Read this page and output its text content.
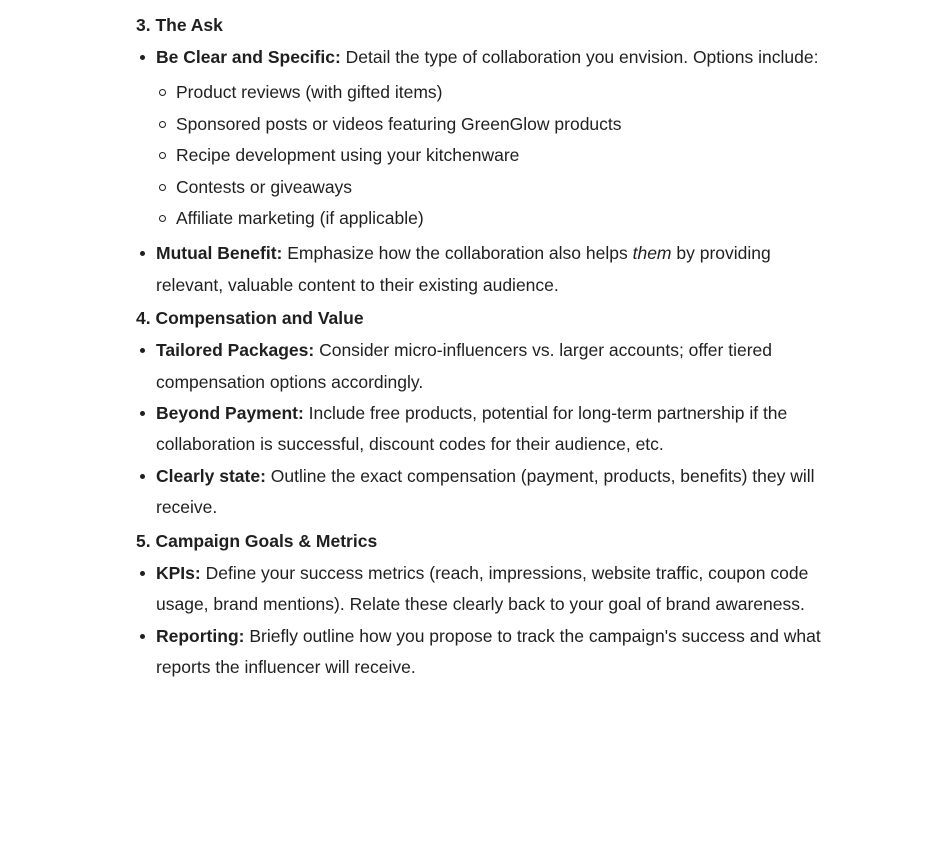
3. The Ask
Be Clear and Specific: Detail the type of collaboration you envision. Options include:
Product reviews (with gifted items)
Sponsored posts or videos featuring GreenGlow products
Recipe development using your kitchenware
Contests or giveaways
Affiliate marketing (if applicable)
Mutual Benefit: Emphasize how the collaboration also helps them by providing relevant, valuable content to their existing audience.
4. Compensation and Value
Tailored Packages: Consider micro-influencers vs. larger accounts; offer tiered compensation options accordingly.
Beyond Payment: Include free products, potential for long-term partnership if the collaboration is successful, discount codes for their audience, etc.
Clearly state: Outline the exact compensation (payment, products, benefits) they will receive.
5. Campaign Goals & Metrics
KPIs: Define your success metrics (reach, impressions, website traffic, coupon code usage, brand mentions). Relate these clearly back to your goal of brand awareness.
Reporting: Briefly outline how you propose to track the campaign's success and what reports the influencer will receive.
